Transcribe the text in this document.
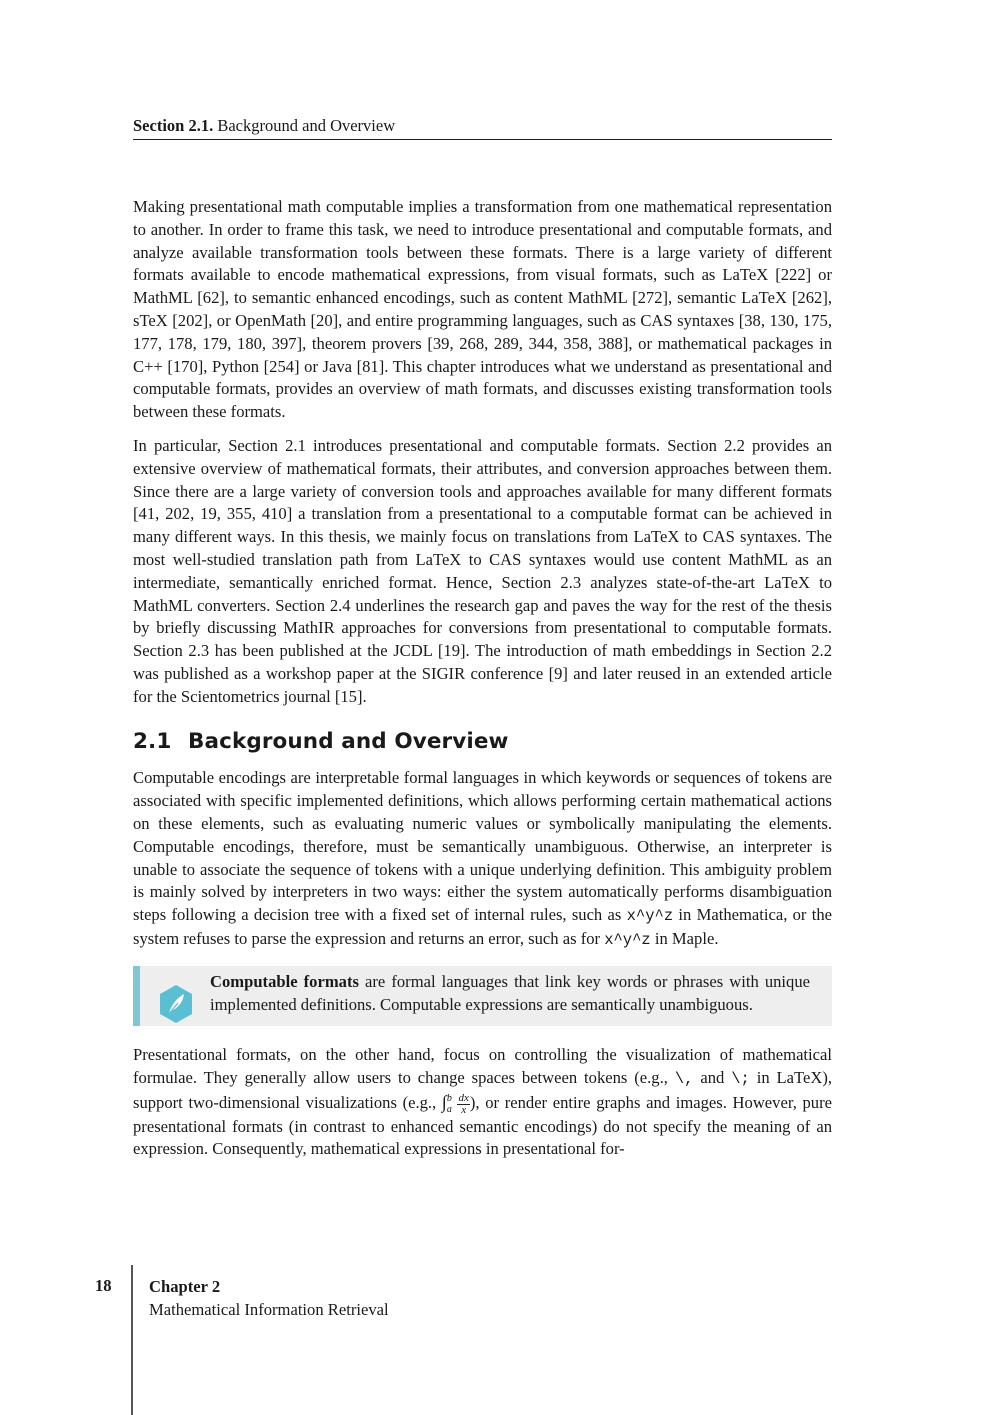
Section 2.1. Background and Overview

Making presentational math computable implies a transformation from one mathematical representation to another. In order to frame this task, we need to introduce presentational and computable formats, and analyze available transformation tools between these formats. There is a large variety of different formats available to encode mathematical expressions, from visual formats, such as LaTeX [222] or MathML [62], to semantic enhanced encodings, such as content MathML [272], semantic LaTeX [262], sTeX [202], or OpenMath [20], and entire programming languages, such as CAS syntaxes [38, 130, 175, 177, 178, 179, 180, 397], theorem provers [39, 268, 289, 344, 358, 388], or mathematical packages in C++ [170], Python [254] or Java [81]. This chapter introduces what we understand as presentational and computable formats, provides an overview of math formats, and discusses existing transformation tools between these formats.

In particular, Section 2.1 introduces presentational and computable formats. Section 2.2 provides an extensive overview of mathematical formats, their attributes, and conversion approaches between them. Since there are a large variety of conversion tools and approaches available for many different formats [41, 202, 19, 355, 410] a translation from a presentational to a computable format can be achieved in many different ways. In this thesis, we mainly focus on translations from LaTeX to CAS syntaxes. The most well-studied translation path from LaTeX to CAS syntaxes would use content MathML as an intermediate, semantically enriched format. Hence, Section 2.3 analyzes state-of-the-art LaTeX to MathML converters. Section 2.4 underlines the research gap and paves the way for the rest of the thesis by briefly discussing MathIR approaches for conversions from presentational to computable formats. Section 2.3 has been published at the JCDL [19]. The introduction of math embeddings in Section 2.2 was published as a workshop paper at the SIGIR conference [9] and later reused in an extended article for the Scientometrics journal [15].

2.1 Background and Overview

Computable encodings are interpretable formal languages in which keywords or sequences of tokens are associated with specific implemented definitions, which allows performing certain mathematical actions on these elements, such as evaluating numeric values or symbolically manipulating the elements. Computable encodings, therefore, must be semantically unambiguous. Otherwise, an interpreter is unable to associate the sequence of tokens with a unique underlying definition. This ambiguity problem is mainly solved by interpreters in two ways: either the system automatically performs disambiguation steps following a decision tree with a fixed set of internal rules, such as x^y^z in Mathematica, or the system refuses to parse the expression and returns an error, such as for x^y^z in Maple.

Computable formats are formal languages that link key words or phrases with unique implemented definitions. Computable expressions are semantically unambiguous.

Presentational formats, on the other hand, focus on controlling the visualization of mathematical formulae. They generally allow users to change spaces between tokens (e.g., \, and \; in LaTeX), support two-dimensional visualizations (e.g., ∫ b
a
$\frac{dx}{x}$ ), or render entire graphs and images. However, pure presentational formats (in contrast to enhanced semantic encodings) do not specify the meaning of an expression. Consequently, mathematical expressions in presentational for-

18 Chapter 2
Mathematical Information Retrieval
